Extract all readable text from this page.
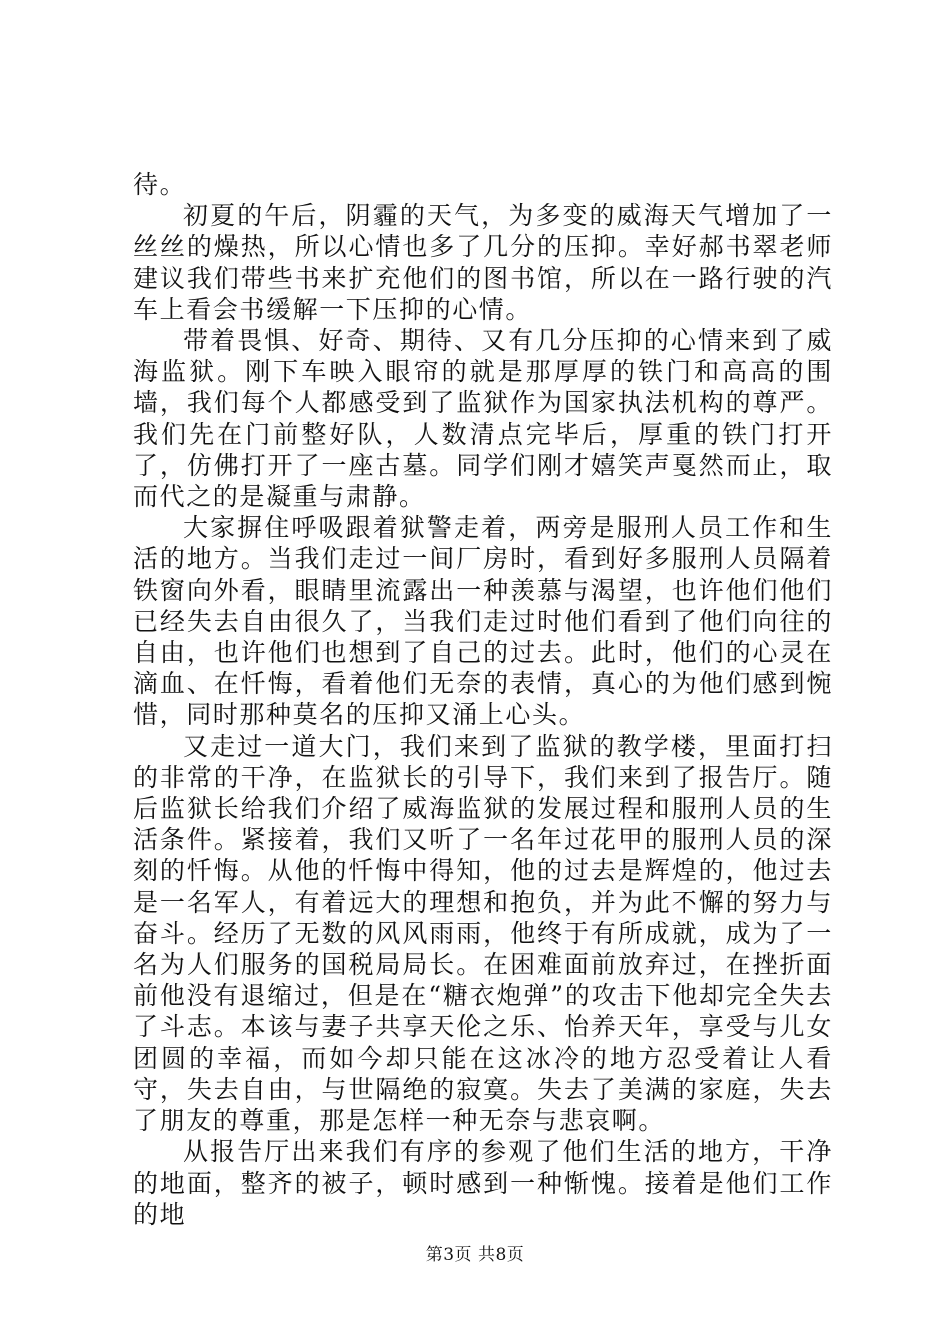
待。

初夏的午后，阴霾的天气，为多变的威海天气增加了一丝丝的燥热，所以心情也多了几分的压抑。幸好郝书翠老师建议我们带些书来扩充他们的图书馆，所以在一路行驶的汽车上看会书缓解一下压抑的心情。

带着畏惧、好奇、期待、又有几分压抑的心情来到了威海监狱。刚下车映入眼帘的就是那厚厚的铁门和高高的围墙，我们每个人都感受到了监狱作为国家执法机构的尊严。我们先在门前整好队，人数清点完毕后，厚重的铁门打开了，仿佛打开了一座古墓。同学们刚才嬉笑声戛然而止，取而代之的是凝重与肃静。

大家摒住呼吸跟着狱警走着，两旁是服刑人员工作和生活的地方。当我们走过一间厂房时，看到好多服刑人员隔着铁窗向外看，眼睛里流露出一种羡慕与渴望，也许他们他们已经失去自由很久了，当我们走过时他们看到了他们向往的自由，也许他们也想到了自己的过去。此时，他们的心灵在滴血、在忏悔，看着他们无奈的表情，真心的为他们感到惋惜，同时那种莫名的压抑又涌上心头。

又走过一道大门，我们来到了监狱的教学楼，里面打扫的非常的干净，在监狱长的引导下，我们来到了报告厅。随后监狱长给我们介绍了威海监狱的发展过程和服刑人员的生活条件。紧接着，我们又听了一名年过花甲的服刑人员的深刻的忏悔。从他的忏悔中得知，他的过去是辉煌的，他过去是一名军人，有着远大的理想和抱负，并为此不懈的努力与奋斗。经历了无数的风风雨雨，他终于有所成就，成为了一名为人们服务的国税局局长。在困难面前放弃过，在挫折面前他没有退缩过，但是在“糖衣炮弹”的攻击下他却完全失去了斗志。本该与妻子共享天伦之乐、怡养天年，享受与儿女团圆的幸福，而如今却只能在这冰冷的地方忍受着让人看守，失去自由，与世隔绝的寂寞。失去了美满的家庭，失去了朋友的尊重，那是怎样一种无奈与悲哀啊。

从报告厅出来我们有序的参观了他们生活的地方，干净的地面，整齐的被子，顿时感到一种惭愧。接着是他们工作的地

第3页 共8页
